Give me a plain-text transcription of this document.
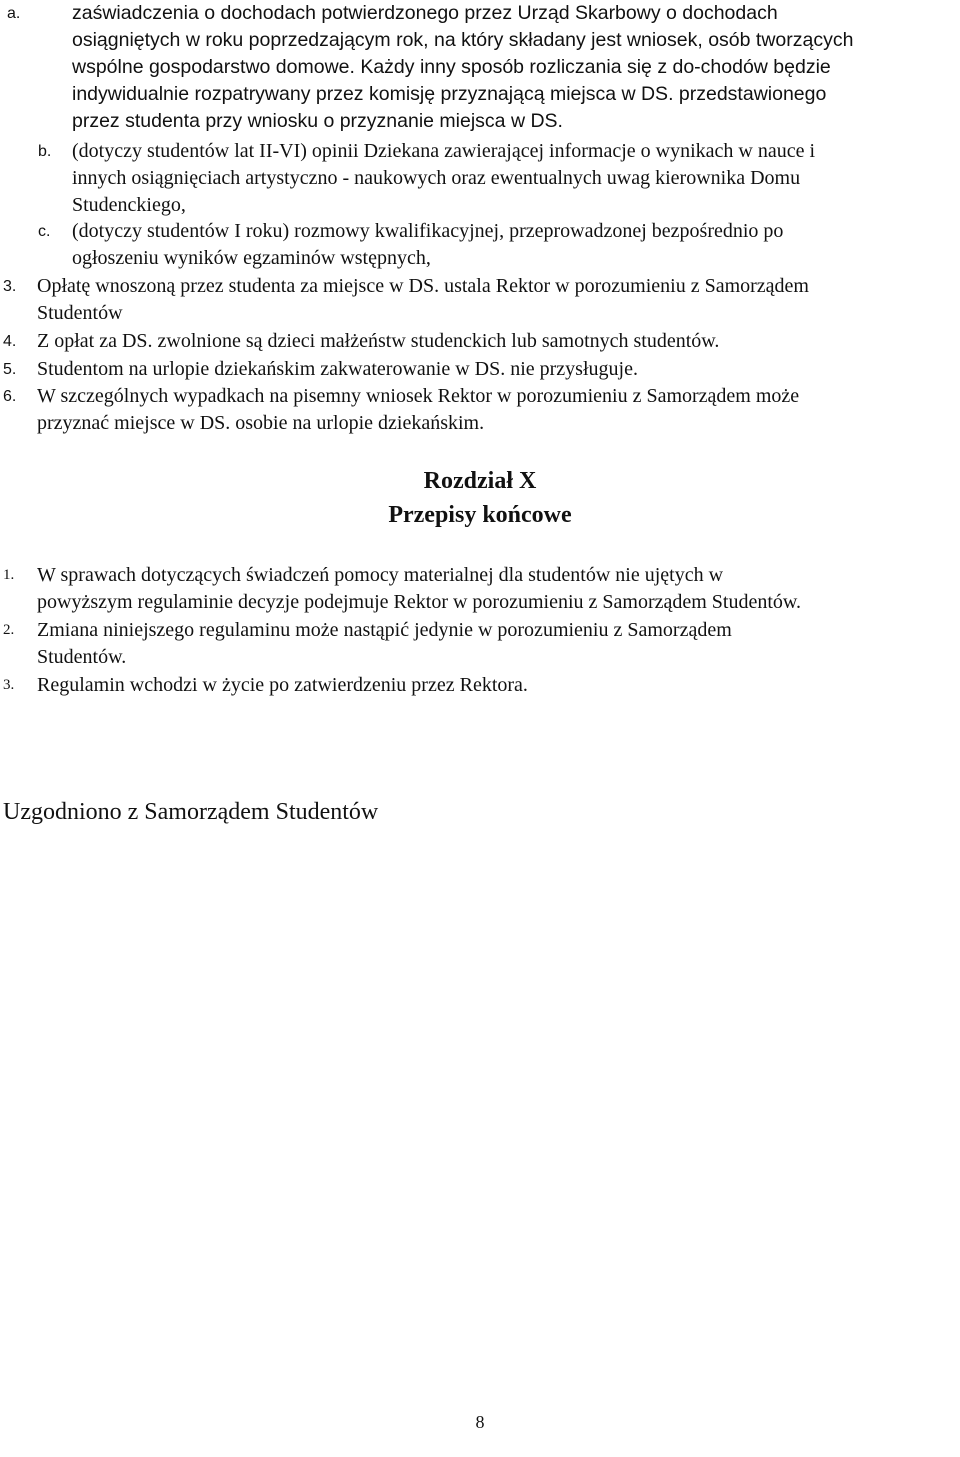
a.	zaświadczenia o dochodach potwierdzonego przez Urząd Skarbowy o dochodach
osiągniętych w roku poprzedzającym rok, na który składany jest wniosek, osób tworzących
wspólne gospodarstwo domowe. Każdy inny sposób rozliczania się z do-chodów będzie
indywidualnie rozpatrywany przez komisję przyznającą miejsca w DS. przedstawionego
przez studenta przy wniosku o przyznanie miejsca w DS.
b. (dotyczy studentów lat II-VI) opinii Dziekana zawierającej informacje o wynikach w nauce i
innych osiągnięciach artystyczno - naukowych oraz ewentualnych uwag kierownika Domu
Studenckiego,
c. (dotyczy studentów I roku) rozmowy kwalifikacyjnej, przeprowadzonej bezpośrednio po
ogłoszeniu wyników egzaminów wstępnych,
3. Opłatę wnoszoną przez studenta za miejsce w DS. ustala Rektor w porozumieniu z Samorządem
Studentów
4. Z opłat za DS. zwolnione są dzieci małżeństw studenckich lub samotnych studentów.
5. Studentom na urlopie dziekańskim zakwaterowanie w DS. nie przysługuje.
6. W szczególnych wypadkach na pisemny wniosek Rektor w porozumieniu z Samorządem może
przyznać miejsce w DS. osobie na urlopie dziekańskim.
Rozdział X
Przepisy końcowe
1. W sprawach dotyczących świadczeń pomocy materialnej dla studentów nie ujętych w
powyższym regulaminie decyzje podejmuje Rektor w porozumieniu z Samorządem Studentów.
2. Zmiana niniejszego regulaminu może nastąpić jedynie w porozumieniu z Samorządem
Studentów.
3. Regulamin wchodzi w życie po zatwierdzeniu przez Rektora.
Uzgodniono z Samorządem Studentów
8
